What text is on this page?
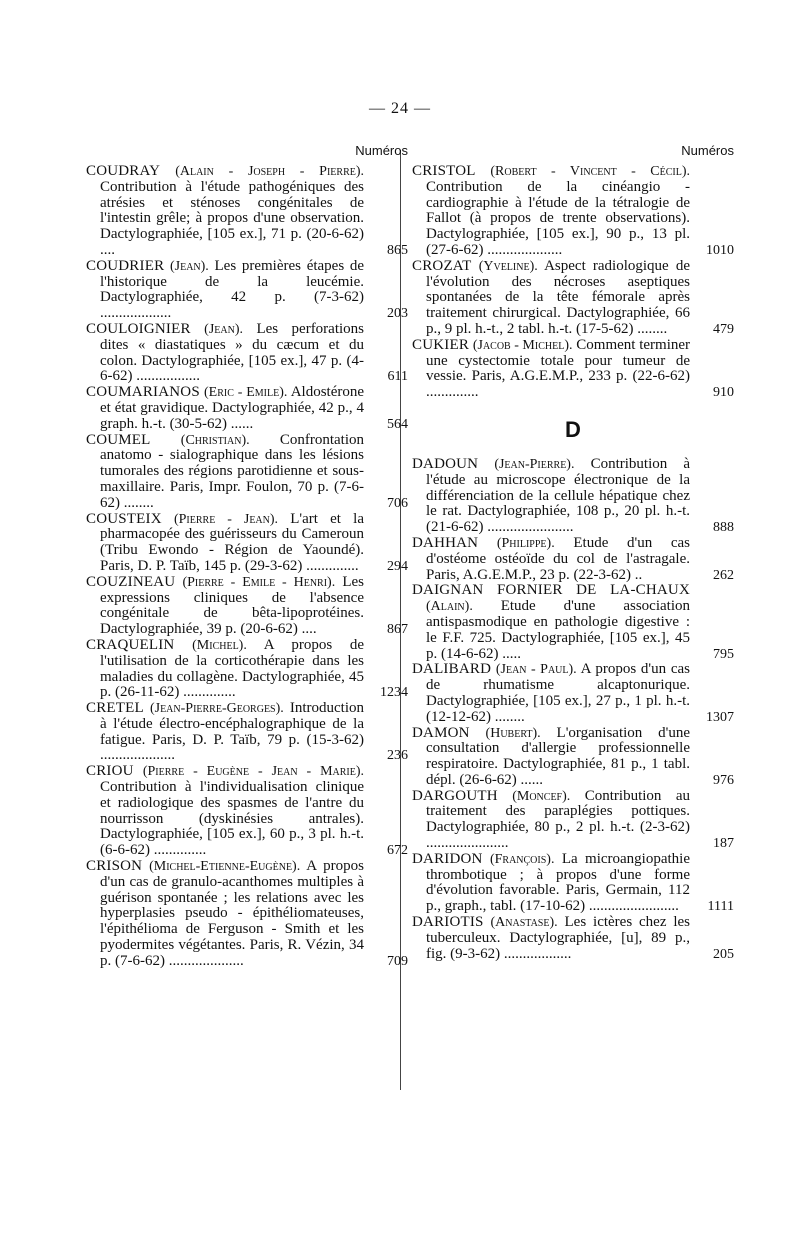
— 24 —
Numéros
COUDRAY (Alain - Joseph - Pierre). Contribution à l'étude pathogéniques des atrésies et sténoses congénitales de l'intestin grêle; à propos d'une observation. Dactylographiée, [105 ex.], 71 p. (20-6-62) ....	865
COUDRIER (Jean). Les premières étapes de l'historique de la leucémie. Dactylographiée, 42 p. (7-3-62) ...................	203
COULOIGNIER (Jean). Les perforations dites « diastatiques » du cæcum et du colon. Dactylographiée, [105 ex.], 47 p. (4-6-62) .................	611
COUMARIANOS (Eric - Emile). Aldostérone et état gravidique. Dactylographiée, 42 p., 4 graph. h.-t. (30-5-62) ......	564
COUMEL (Christian). Confrontation anatomo - sialographique dans les lésions tumorales des régions parotidienne et sous-maxillaire. Paris, Impr. Foulon, 70 p. (7-6-62) ........	706
COUSTEIX (Pierre - Jean). L'art et la pharmacopée des guérisseurs du Cameroun (Tribu Ewondo - Région de Yaoundé). Paris, D. P. Taïb, 145 p. (29-3-62) ..............	294
COUZINEAU (Pierre - Emile - Henri). Les expressions cliniques de l'absence congénitale de bêta-lipoprotéines. Dactylographiée, 39 p. (20-6-62) ....	867
CRAQUELIN (Michel). A propos de l'utilisation de la corticothérapie dans les maladies du collagène. Dactylographiée, 45 p. (26-11-62) ..............	1234
CRETEL (Jean-Pierre-Georges). Introduction à l'étude électro-encéphalographique de la fatigue. Paris, D. P. Taïb, 79 p. (15-3-62) ....................	236
CRIOU (Pierre - Eugène - Jean - Marie). Contribution à l'individualisation clinique et radiologique des spasmes de l'antre du nourrisson (dyskinésies antrales). Dactylographiée, [105 ex.], 60 p., 3 pl. h.-t. (6-6-62) ..............	672
CRISON (Michel-Etienne-Eugène). A propos d'un cas de granulo-acanthomes multiples à guérison spontanée ; les relations avec les hyperplasies pseudo - épithéliomateuses, l'épithélioma de Ferguson - Smith et les pyodermites végétantes. Paris, R. Vézin, 34 p. (7-6-62) ....................	709
Numéros
CRISTOL (Robert - Vincent - Cécil). Contribution de la cinéangio - cardiographie à l'étude de la tétralogie de Fallot (à propos de trente observations). Dactylographiée, [105 ex.], 90 p., 13 pl. (27-6-62) ....................	1010
CROZAT (Yveline). Aspect radiologique de l'évolution des nécroses aseptiques spontanées de la tête fémorale après traitement chirurgical. Dactylographiée, 66 p., 9 pl. h.-t., 2 tabl. h.-t. (17-5-62) ........	479
CUKIER (Jacob - Michel). Comment terminer une cystectomie totale pour tumeur de vessie. Paris, A.G.E.M.P., 233 p. (22-6-62) ..............	910
D
DADOUN (Jean-Pierre). Contribution à l'étude au microscope électronique de la différenciation de la cellule hépatique chez le rat. Dactylographiée, 108 p., 20 pl. h.-t. (21-6-62) .......................	888
DAHHAN (Philippe). Etude d'un cas d'ostéome ostéoïde du col de l'astragale. Paris, A.G.E.M.P., 23 p. (22-3-62) ..	262
DAIGNAN FORNIER DE LA-CHAUX (Alain). Etude d'une association antispasmodique en pathologie digestive : le F.F. 725. Dactylographiée, [105 ex.], 45 p. (14-6-62) .....	795
DALIBARD (Jean - Paul). A propos d'un cas de rhumatisme alcaptonurique. Dactylographiée, [105 ex.], 27 p., 1 pl. h.-t. (12-12-62) ........	1307
DAMON (Hubert). L'organisation d'une consultation d'allergie professionnelle respiratoire. Dactylographiée, 81 p., 1 tabl. dépl. (26-6-62) ......	976
DARGOUTH (Moncef). Contribution au traitement des paraplégies pottiques. Dactylographiée, 80 p., 2 pl. h.-t. (2-3-62) ......................	187
DARIDON (François). La microangiopathie thrombotique ; à propos d'une forme d'évolution favorable. Paris, Germain, 112 p., graph., tabl. (17-10-62) ........................	1111
DARIOTIS (Anastase). Les ictères chez les tuberculeux. Dactylographiée, [u], 89 p., fig. (9-3-62) ..................	205
